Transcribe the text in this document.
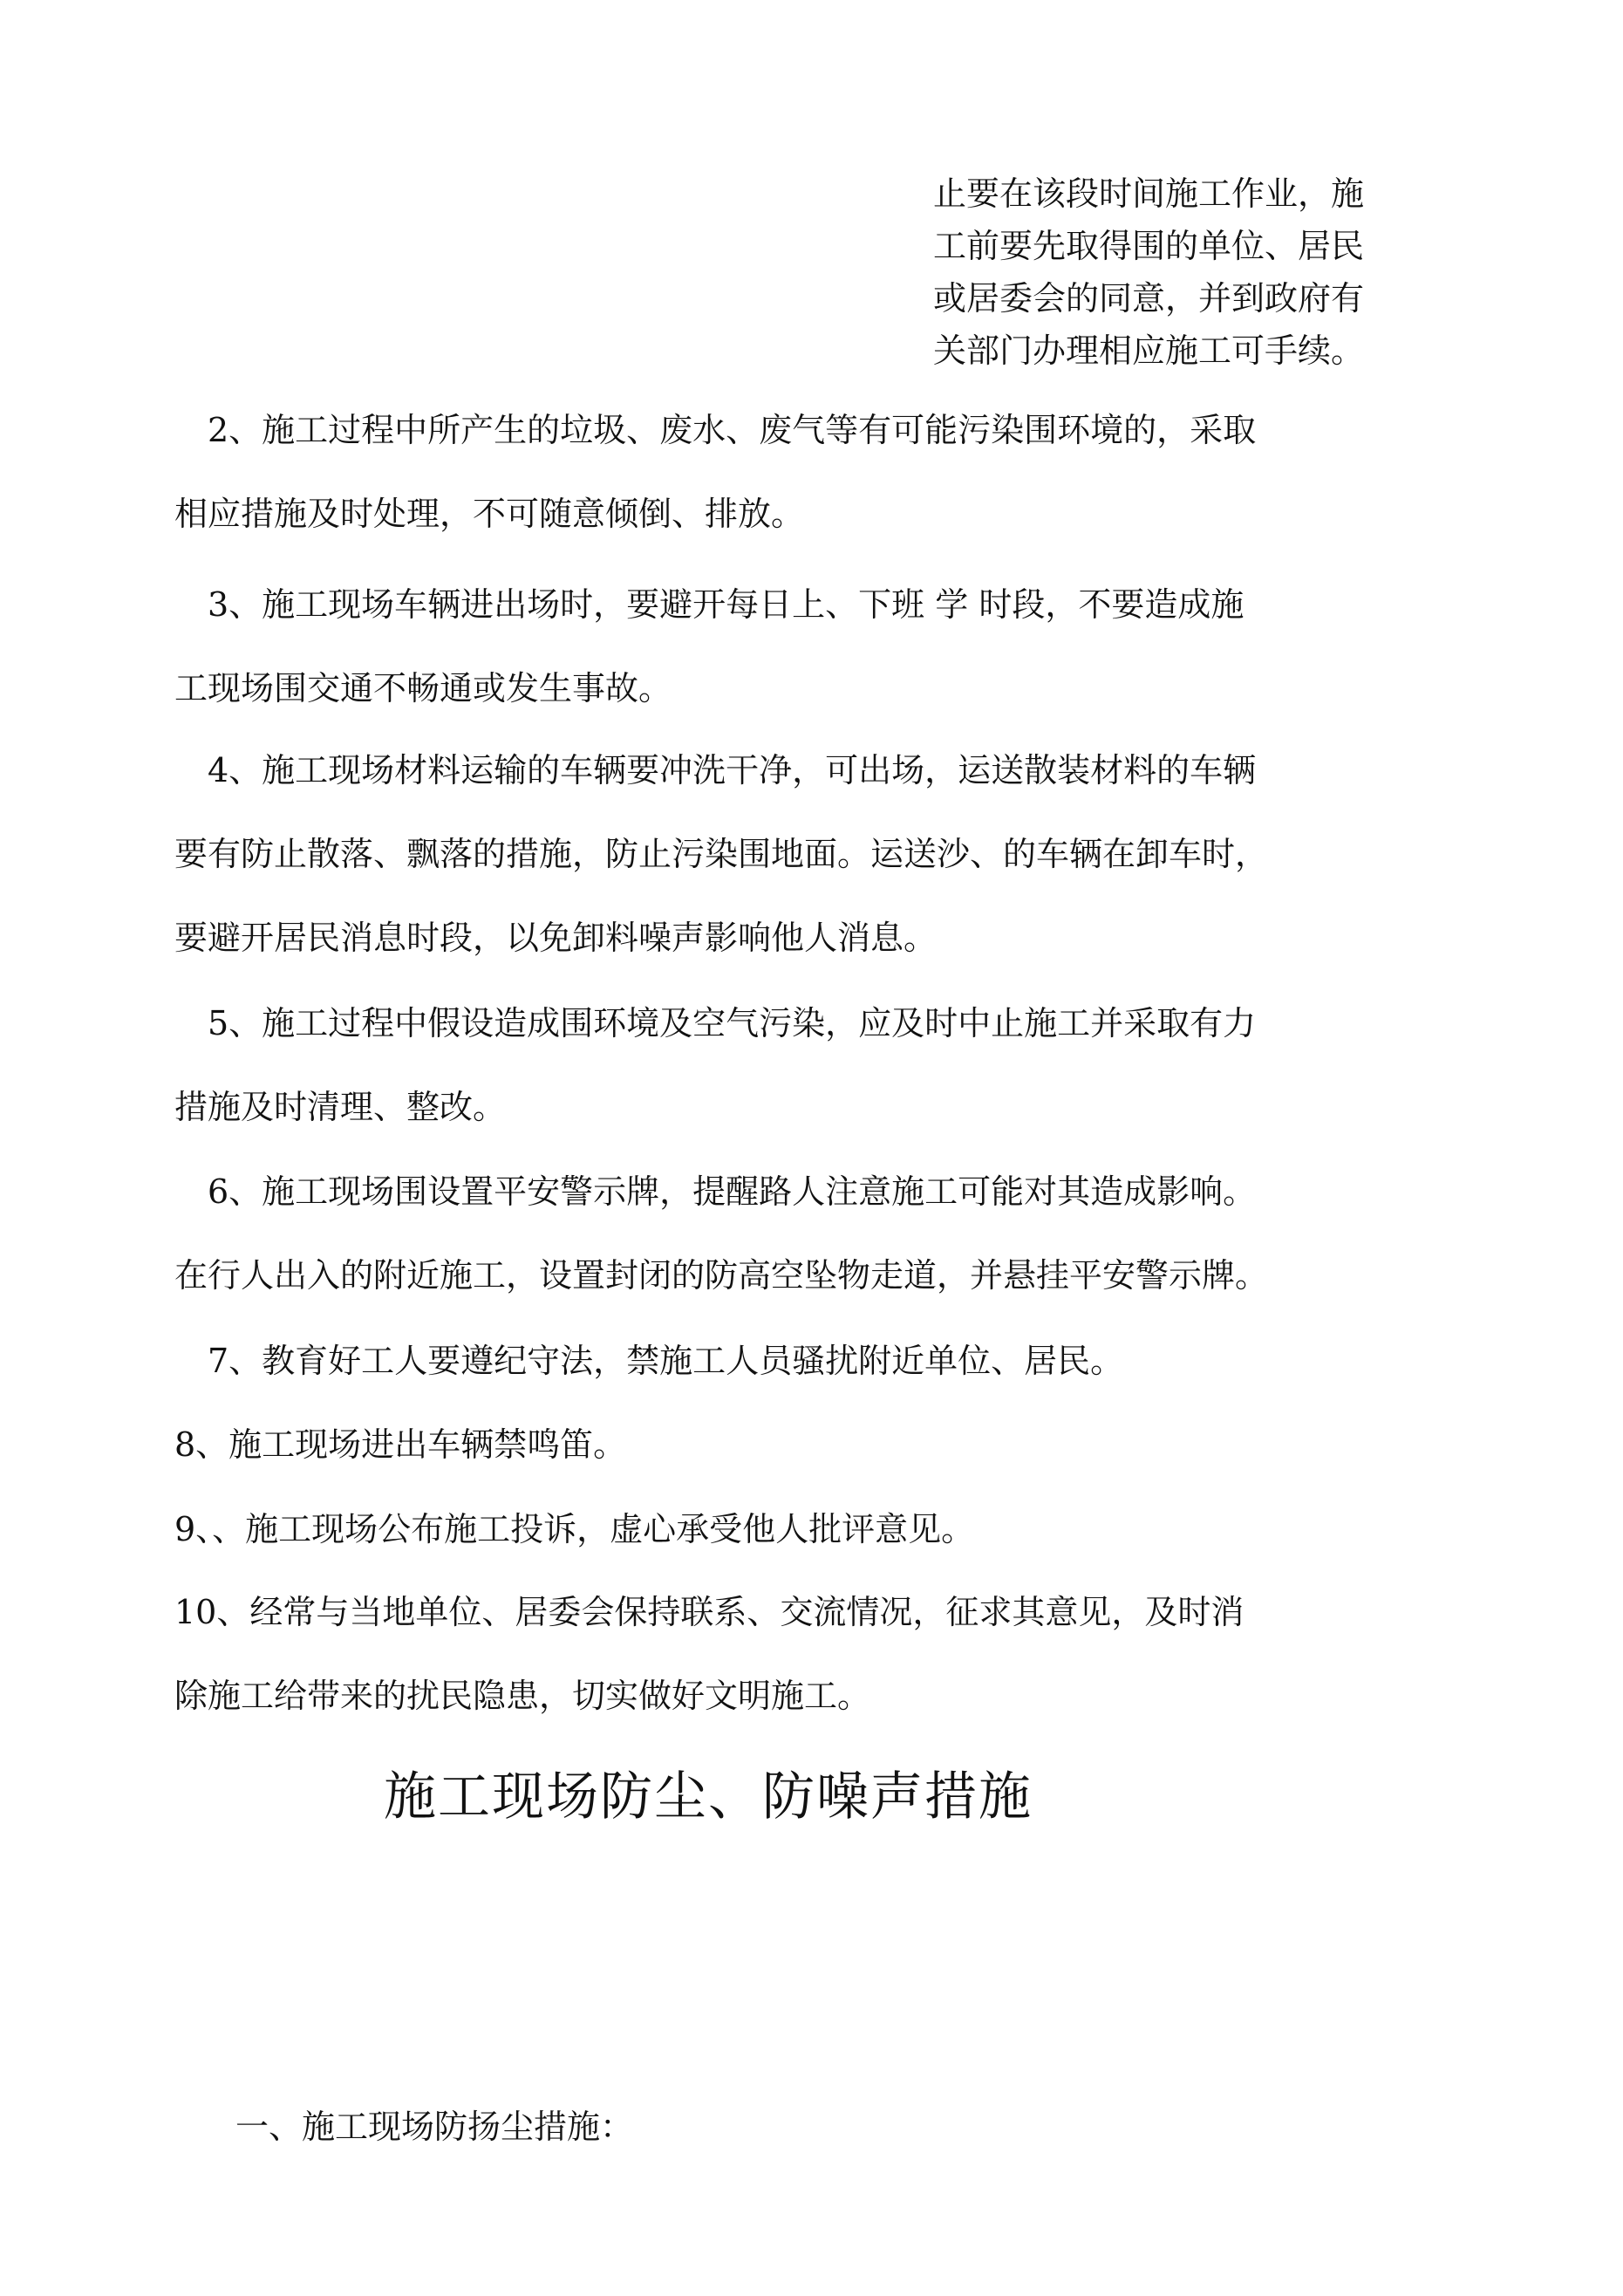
止要在该段时间施工作业，施
工前要先取得围的单位、居民
或居委会的同意，并到政府有
关部门办理相应施工可手续。
　2、施工过程中所产生的垃圾、废水、废气等有可能污染围环境的，采取
相应措施及时处理，不可随意倾倒、排放。
　3、施工现场车辆进出场时，要避开每日上、下班 学 时段，不要造成施
工现场围交通不畅通或发生事故。
　4、施工现场材料运输的车辆要冲洗干净，可出场，运送散装材料的车辆
要有防止散落、飘落的措施，防止污染围地面。运送沙、的车辆在卸车时，
要避开居民消息时段，以免卸料噪声影响他人消息。
　5、施工过程中假设造成围环境及空气污染，应及时中止施工并采取有力
措施及时清理、整改。
　6、施工现场围设置平安警示牌，提醒路人注意施工可能对其造成影响。
在行人出入的附近施工，设置封闭的防高空坠物走道，并悬挂平安警示牌。
　7、教育好工人要遵纪守法，禁施工人员骚扰附近单位、居民。
8、施工现场进出车辆禁鸣笛。
9、、施工现场公布施工投诉，虚心承受他人批评意见。
10、经常与当地单位、居委会保持联系、交流情况，征求其意见，及时消
除施工给带来的扰民隐患，切实做好文明施工。
施工现场防尘、防噪声措施
一、施工现场防扬尘措施：
